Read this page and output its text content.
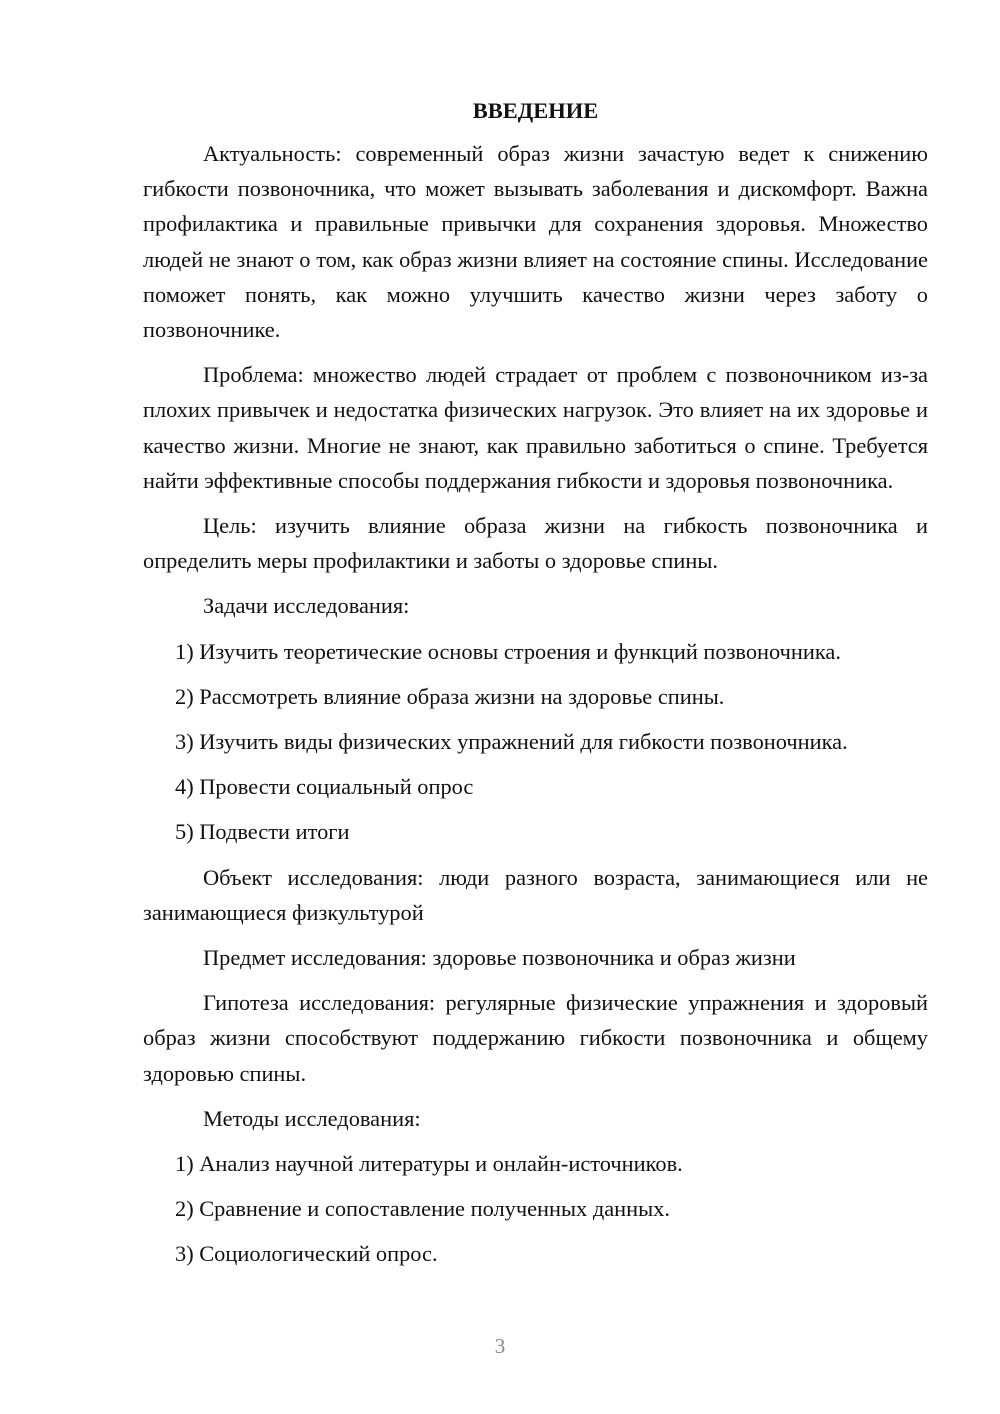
ВВЕДЕНИЕ
Актуальность: современный образ жизни зачастую ведет к снижению гибкости позвоночника, что может вызывать заболевания и дискомфорт. Важна профилактика и правильные привычки для сохранения здоровья. Множество людей не знают о том, как образ жизни влияет на состояние спины. Исследование поможет понять, как можно улучшить качество жизни через заботу о позвоночнике.
Проблема: множество людей страдает от проблем с позвоночником из-за плохих привычек и недостатка физических нагрузок. Это влияет на их здоровье и качество жизни. Многие не знают, как правильно заботиться о спине. Требуется найти эффективные способы поддержания гибкости и здоровья позвоночника.
Цель: изучить влияние образа жизни на гибкость позвоночника и определить меры профилактики и заботы о здоровье спины.
Задачи исследования:
1) Изучить теоретические основы строения и функций позвоночника.
2) Рассмотреть влияние образа жизни на здоровье спины.
3) Изучить виды физических упражнений для гибкости позвоночника.
4) Провести социальный опрос
5) Подвести итоги
Объект исследования: люди разного возраста, занимающиеся или не занимающиеся физкультурой
Предмет исследования: здоровье позвоночника и образ жизни
Гипотеза исследования: регулярные физические упражнения и здоровый образ жизни способствуют поддержанию гибкости позвоночника и общему здоровью спины.
Методы исследования:
1) Анализ научной литературы и онлайн-источников.
2) Сравнение и сопоставление полученных данных.
3) Социологический опрос.
3
